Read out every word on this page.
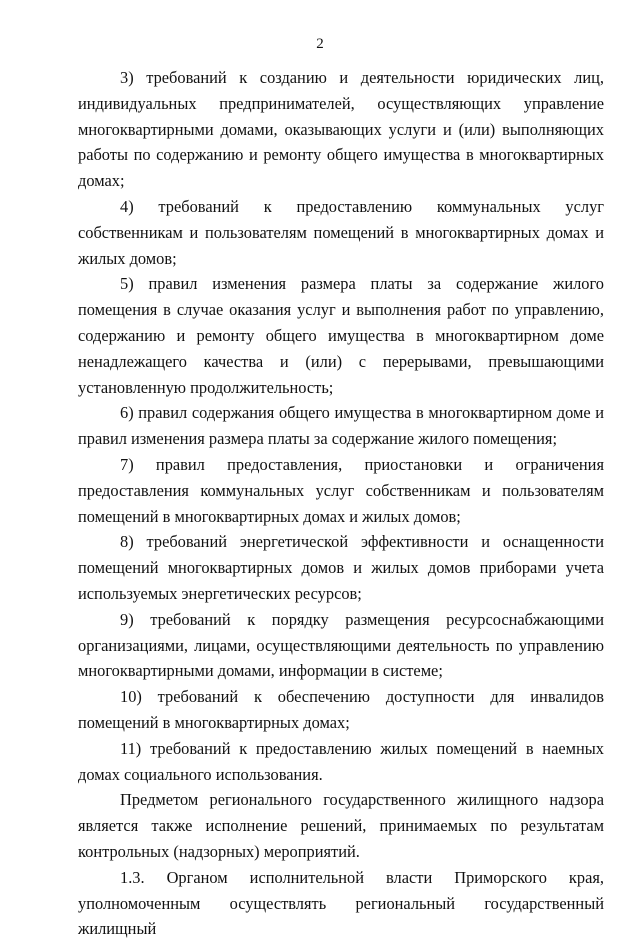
2

3) требований к созданию и деятельности юридических лиц, индивидуальных предпринимателей, осуществляющих управление многоквартирными домами, оказывающих услуги и (или) выполняющих работы по содержанию и ремонту общего имущества в многоквартирных домах;

4) требований к предоставлению коммунальных услуг собственникам и пользователям помещений в многоквартирных домах и жилых домов;

5) правил изменения размера платы за содержание жилого помещения в случае оказания услуг и выполнения работ по управлению, содержанию и ремонту общего имущества в многоквартирном доме ненадлежащего качества и (или) с перерывами, превышающими установленную продолжительность;

6) правил содержания общего имущества в многоквартирном доме и правил изменения размера платы за содержание жилого помещения;

7) правил предоставления, приостановки и ограничения предоставления коммунальных услуг собственникам и пользователям помещений в многоквартирных домах и жилых домов;

8) требований энергетической эффективности и оснащенности помещений многоквартирных домов и жилых домов приборами учета используемых энергетических ресурсов;

9) требований к порядку размещения ресурсоснабжающими организациями, лицами, осуществляющими деятельность по управлению многоквартирными домами, информации в системе;

10) требований к обеспечению доступности для инвалидов помещений в многоквартирных домах;

11) требований к предоставлению жилых помещений в наемных домах социального использования.

Предметом регионального государственного жилищного надзора является также исполнение решений, принимаемых по результатам контрольных (надзорных) мероприятий.

1.3. Органом исполнительной власти Приморского края, уполномоченным осуществлять региональный государственный жилищный
